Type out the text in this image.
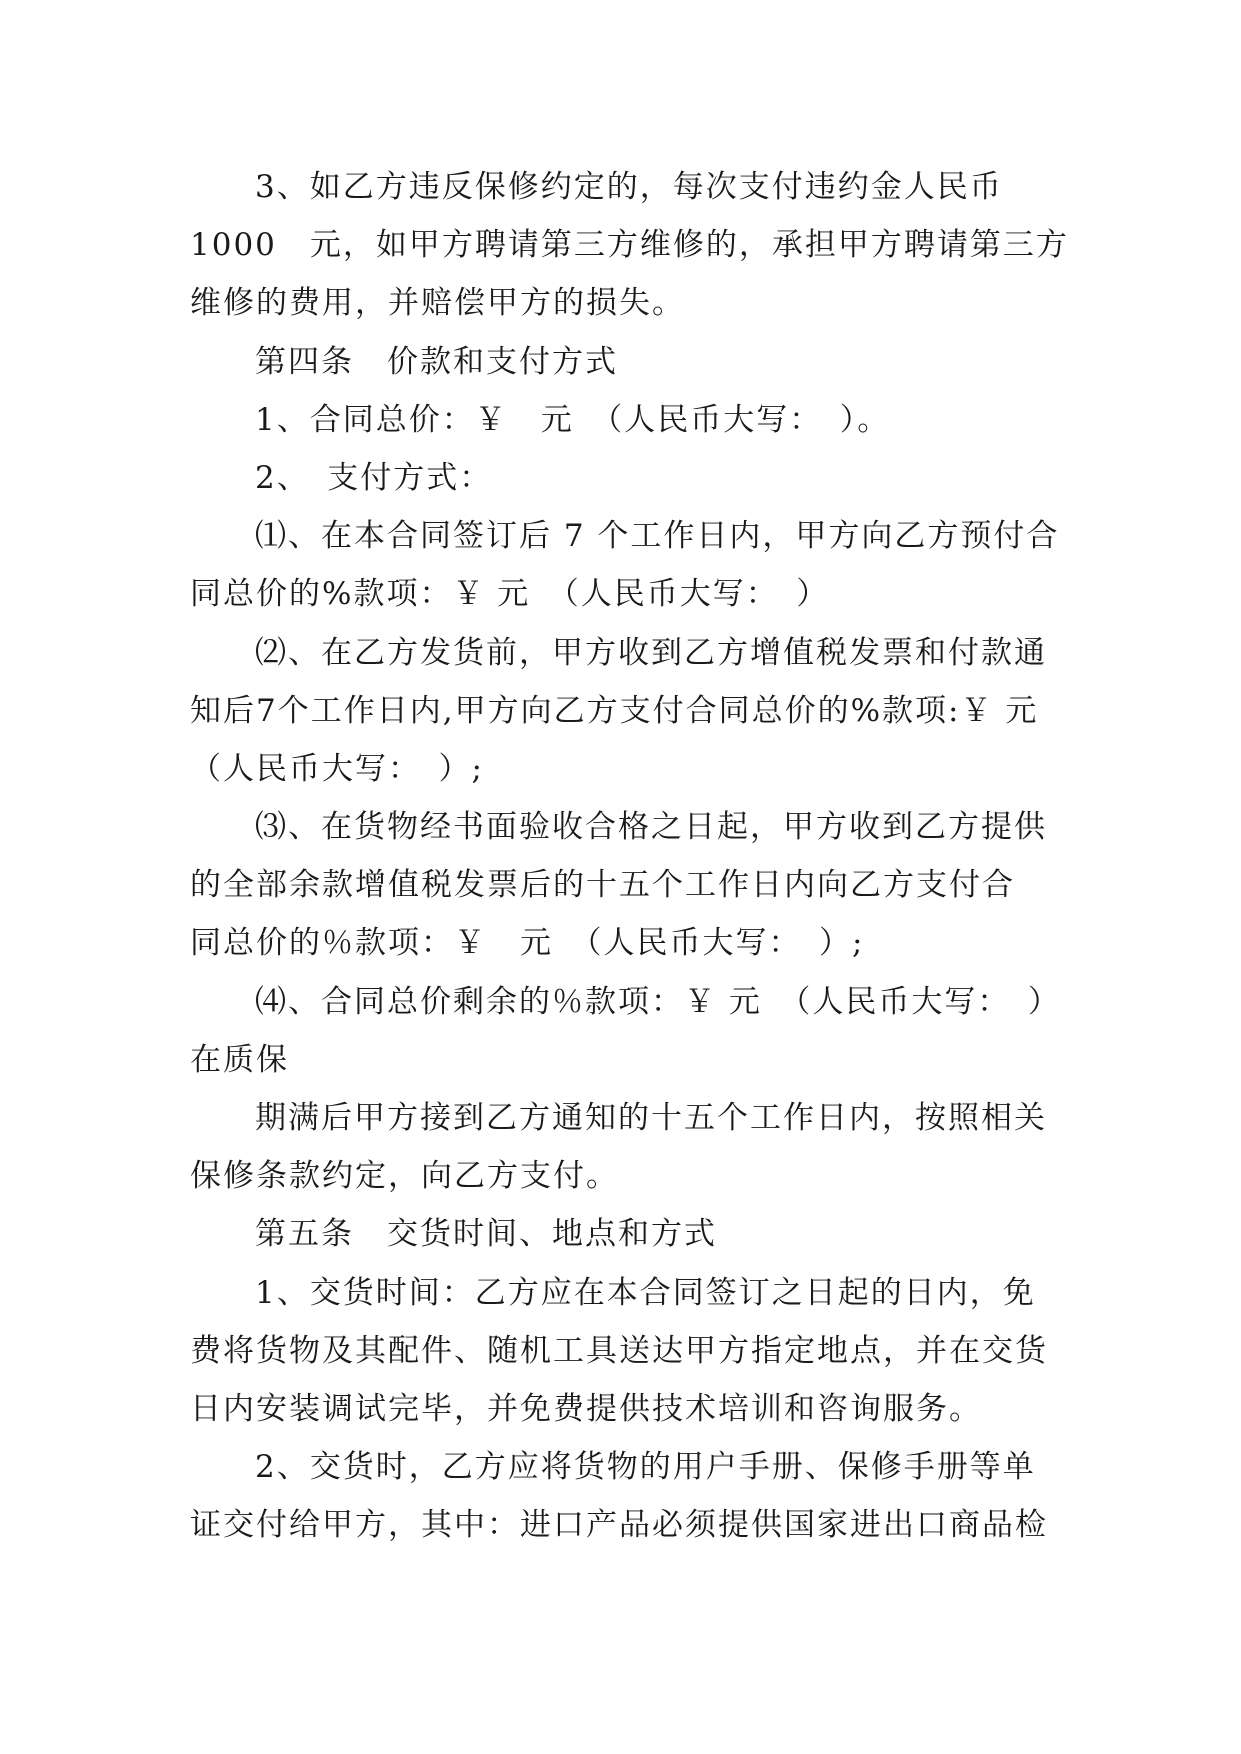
3、如乙方违反保修约定的，每次支付违约金人民币
1000　元，如甲方聘请第三方维修的，承担甲方聘请第三方
维修的费用，并赔偿甲方的损失。
第四条　价款和支付方式
1、合同总价：￥　元　（人民币大写：　）。
2、　支付方式：
⑴、在本合同签订后 7 个工作日内，甲方向乙方预付合
同总价的%款项：￥ 元　（人民币大写：　）
⑵、在乙方发货前，甲方收到乙方增值税发票和付款通
知后7个工作日内,甲方向乙方支付合同总价的%款项:￥ 元
（人民币大写：　）;
⑶、在货物经书面验收合格之日起，甲方收到乙方提供
的全部余款增值税发票后的十五个工作日内向乙方支付合
同总价的％款项：￥　元　（人民币大写：　）;
⑷、合同总价剩余的％款项：￥ 元　（人民币大写：　）
在质保
期满后甲方接到乙方通知的十五个工作日内，按照相关
保修条款约定，向乙方支付。
第五条　交货时间、地点和方式
1、交货时间：乙方应在本合同签订之日起的日内，免
费将货物及其配件、随机工具送达甲方指定地点，并在交货
日内安装调试完毕，并免费提供技术培训和咨询服务。
2、交货时，乙方应将货物的用户手册、保修手册等单
证交付给甲方，其中：进口产品必须提供国家进出口商品检
